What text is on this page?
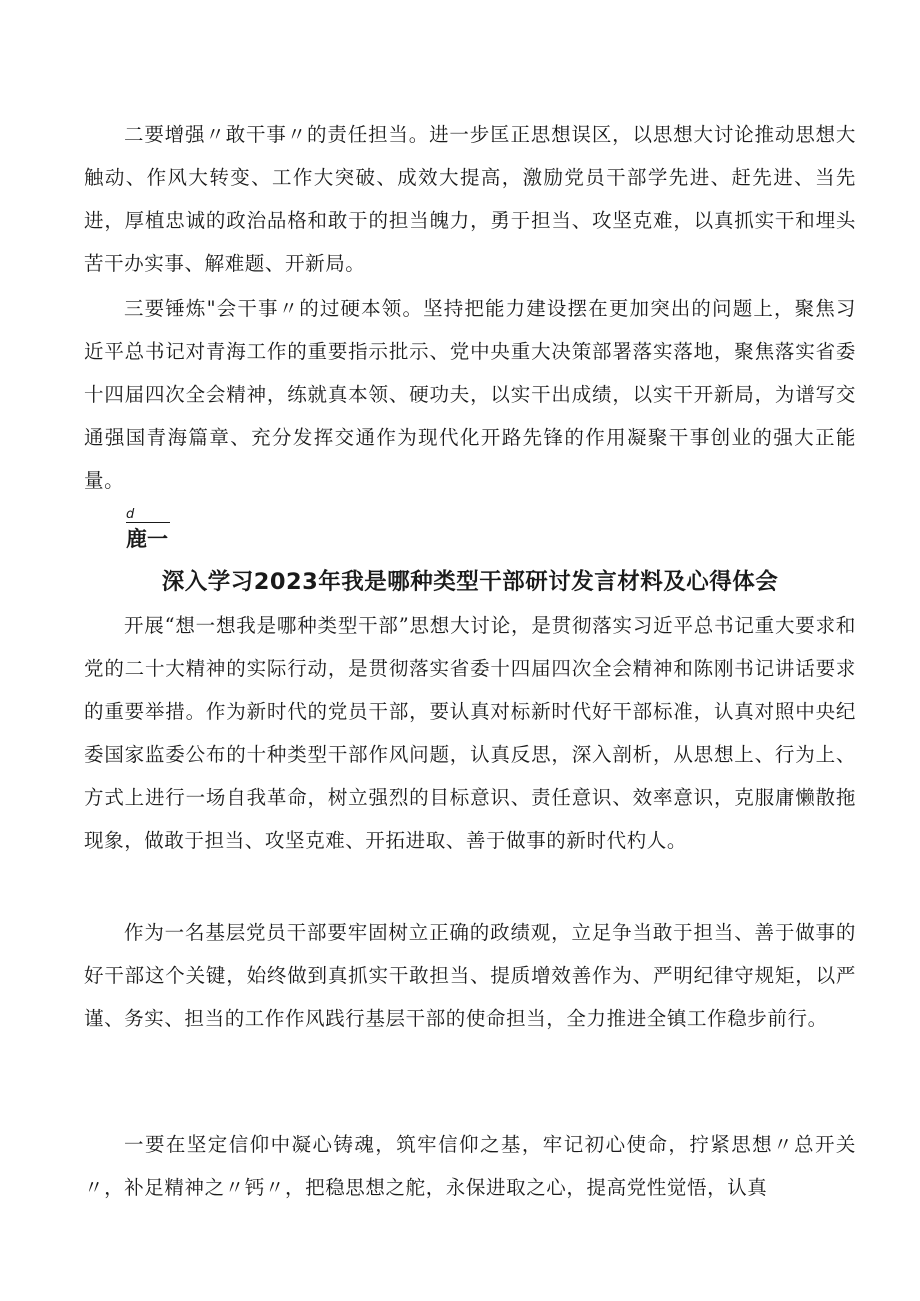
二要增强〃敢干事〃的责任担当。进一步匡正思想误区，以思想大讨论推动思想大触动、作风大转变、工作大突破、成效大提高，激励党员干部学先进、赶先进、当先进，厚植忠诚的政治品格和敢于的担当魄力，勇于担当、攻坚克难，以真抓实干和埋头苦干办实事、解难题、开新局。

三要锤炼"会干事〃的过硬本领。坚持把能力建设摆在更加突出的问题上，聚焦习近平总书记对青海工作的重要指示批示、党中央重大决策部署落实落地，聚焦落实省委十四届四次全会精神，练就真本领、硬功夫，以实干出成绩，以实干开新局，为谱写交通强国青海篇章、充分发挥交通作为现代化开路先锋的作用凝聚干事创业的强大正能量。

d
鹿一
深入学习2023年我是哪种类型干部研讨发言材料及心得体会

开展“想一想我是哪种类型干部”思想大讨论，是贯彻落实习近平总书记重大要求和党的二十大精神的实际行动，是贯彻落实省委十四届四次全会精神和陈刚书记讲话要求的重要举措。作为新时代的党员干部，要认真对标新时代好干部标准，认真对照中央纪委国家监委公布的十种类型干部作风问题，认真反思，深入剖析，从思想上、行为上、方式上进行一场自我革命，树立强烈的目标意识、责任意识、效率意识，克服庸懒散拖现象，做敢于担当、攻坚克难、开拓进取、善于做事的新时代杓人。

作为一名基层党员干部要牢固树立正确的政绩观，立足争当敢于担当、善于做事的好干部这个关键，始终做到真抓实干敢担当、提质增效善作为、严明纪律守规矩，以严谨、务实、担当的工作作风践行基层干部的使命担当，全力推进全镇工作稳步前行。

一要在坚定信仰中凝心铸魂，筑牢信仰之基，牢记初心使命，拧紧思想〃总开关〃，补足精神之〃钙〃，把稳思想之舵，永保进取之心，提高党性觉悟，认真
